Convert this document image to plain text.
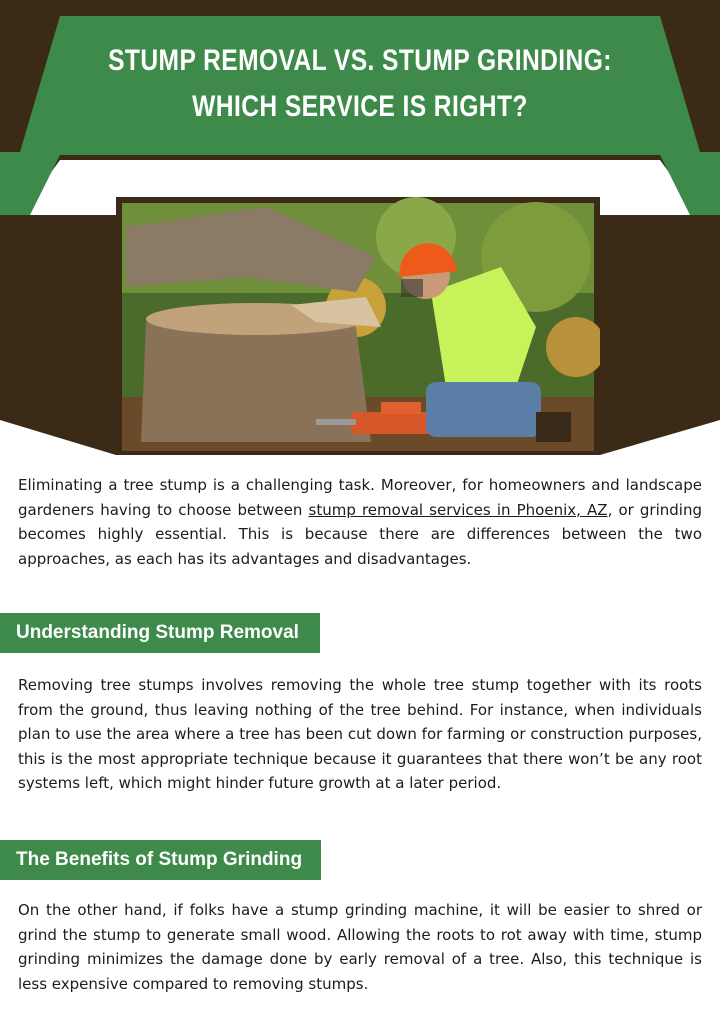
STUMP REMOVAL VS. STUMP GRINDING:
WHICH SERVICE IS RIGHT?

Eliminating a tree stump is a challenging task. Moreover, for homeowners and landscape gardeners having to choose between stump removal services in Phoenix, AZ, or grinding becomes highly essential. This is because there are differences between the two approaches, as each has its advantages and disadvantages.

Understanding Stump Removal

Removing tree stumps involves removing the whole tree stump together with its roots from the ground, thus leaving nothing of the tree behind. For instance, when individuals plan to use the area where a tree has been cut down for farming or construction purposes, this is the most appropriate technique because it guarantees that there won’t be any root systems left, which might hinder future growth at a later period.

The Benefits of Stump Grinding

On the other hand, if folks have a stump grinding machine, it will be easier to shred or grind the stump to generate small wood. Allowing the roots to rot away with time, stump grinding minimizes the damage done by early removal of a tree. Also, this technique is less expensive compared to removing stumps.
